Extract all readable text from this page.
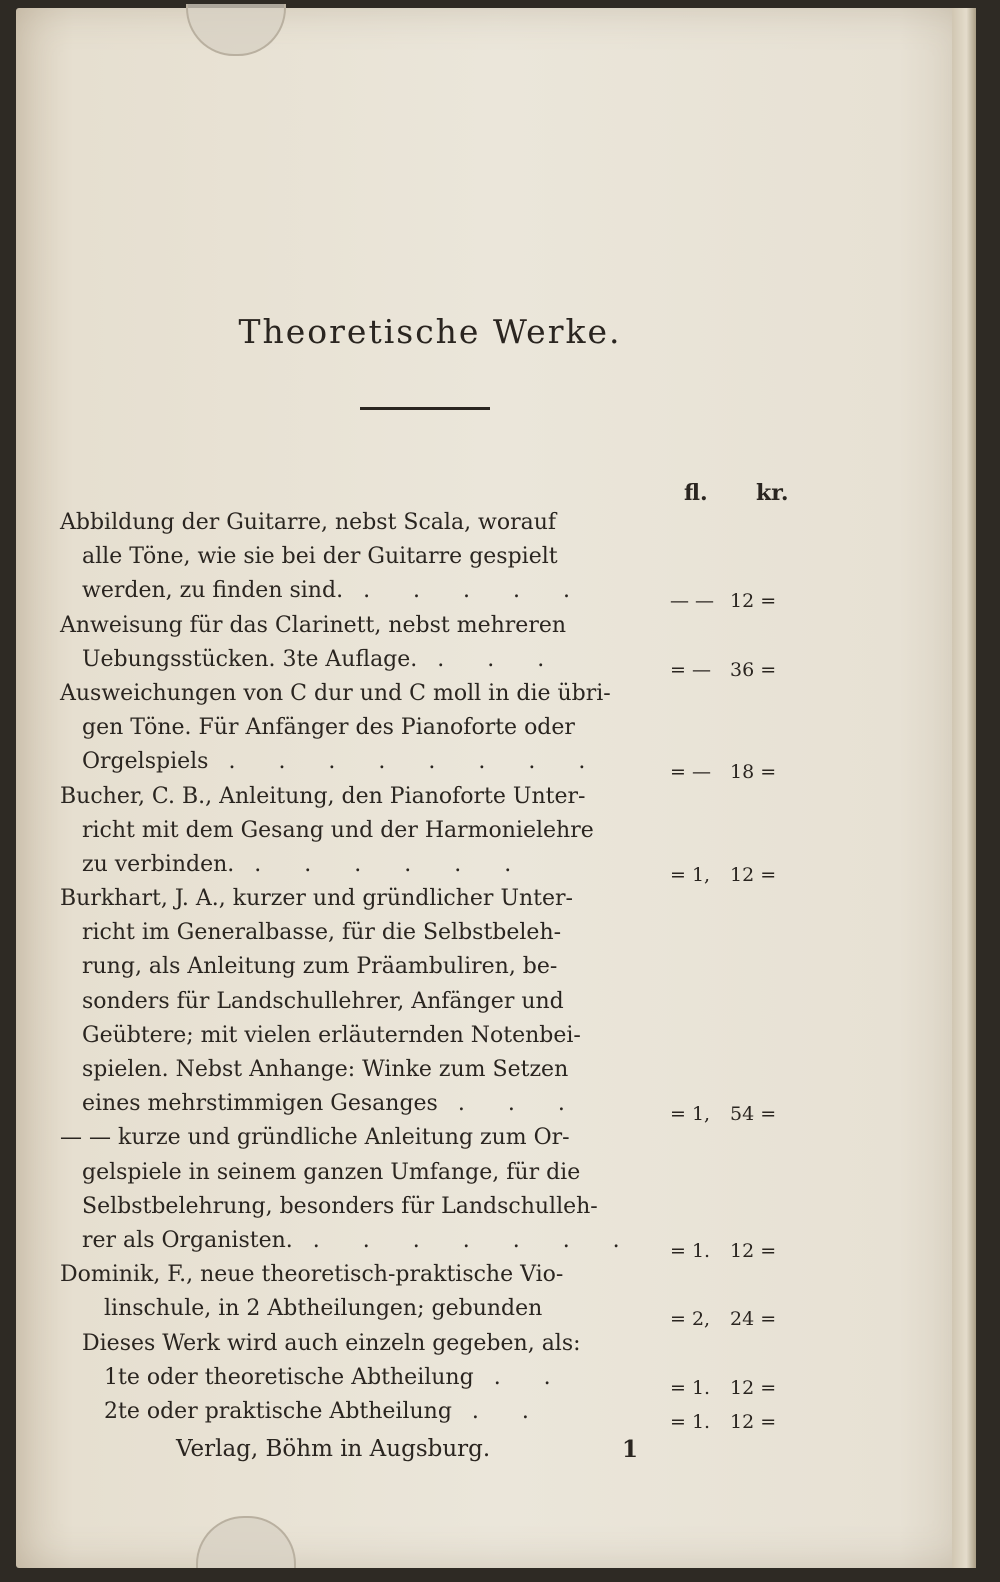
Theoretische Werke.
fl. kr.
Abbildung der Guitarre, nebst Scala, worauf
alle Töne, wie sie bei der Guitarre gespielt
werden, zu finden sind. . . . . .	— — 12 =
Anweisung für das Clarinett, nebst mehreren
Uebungsstücken. 3te Auflage. . . .	= — 36 =
Ausweichungen von C dur und C moll in die übri-
gen Töne. Für Anfänger des Pianoforte oder
Orgelspiels . . . . . . . .	= — 18 =
Bucher, C. B., Anleitung, den Pianoforte Unter-
richt mit dem Gesang und der Harmonielehre
zu verbinden. . . . . . .	= 1, 12 =
Burkhart, J. A., kurzer und gründlicher Unter-
richt im Generalbasse, für die Selbstbeleh-
rung, als Anleitung zum Präambuliren, be-
sonders für Landschullehrer, Anfänger und
Geübtere; mit vielen erläuternden Notenbei-
spielen. Nebst Anhange: Winke zum Setzen
eines mehrstimmigen Gesanges . . .	= 1, 54 =
— — kurze und gründliche Anleitung zum Or-
gelspiele in seinem ganzen Umfange, für die
Selbstbelehrung, besonders für Landschulleh-
rer als Organisten. . . . . . . . = 1. 12 =
Dominik, F., neue theoretisch-praktische Vio-
linschule, in 2 Abtheilungen; gebunden	= 2, 24 =
Dieses Werk wird auch einzeln gegeben, als:
1te oder theoretische Abtheilung . .	= 1. 12 =
2te oder praktische Abtheilung . .	= 1. 12 =
Verlag, Böhm in Augsburg.	1
